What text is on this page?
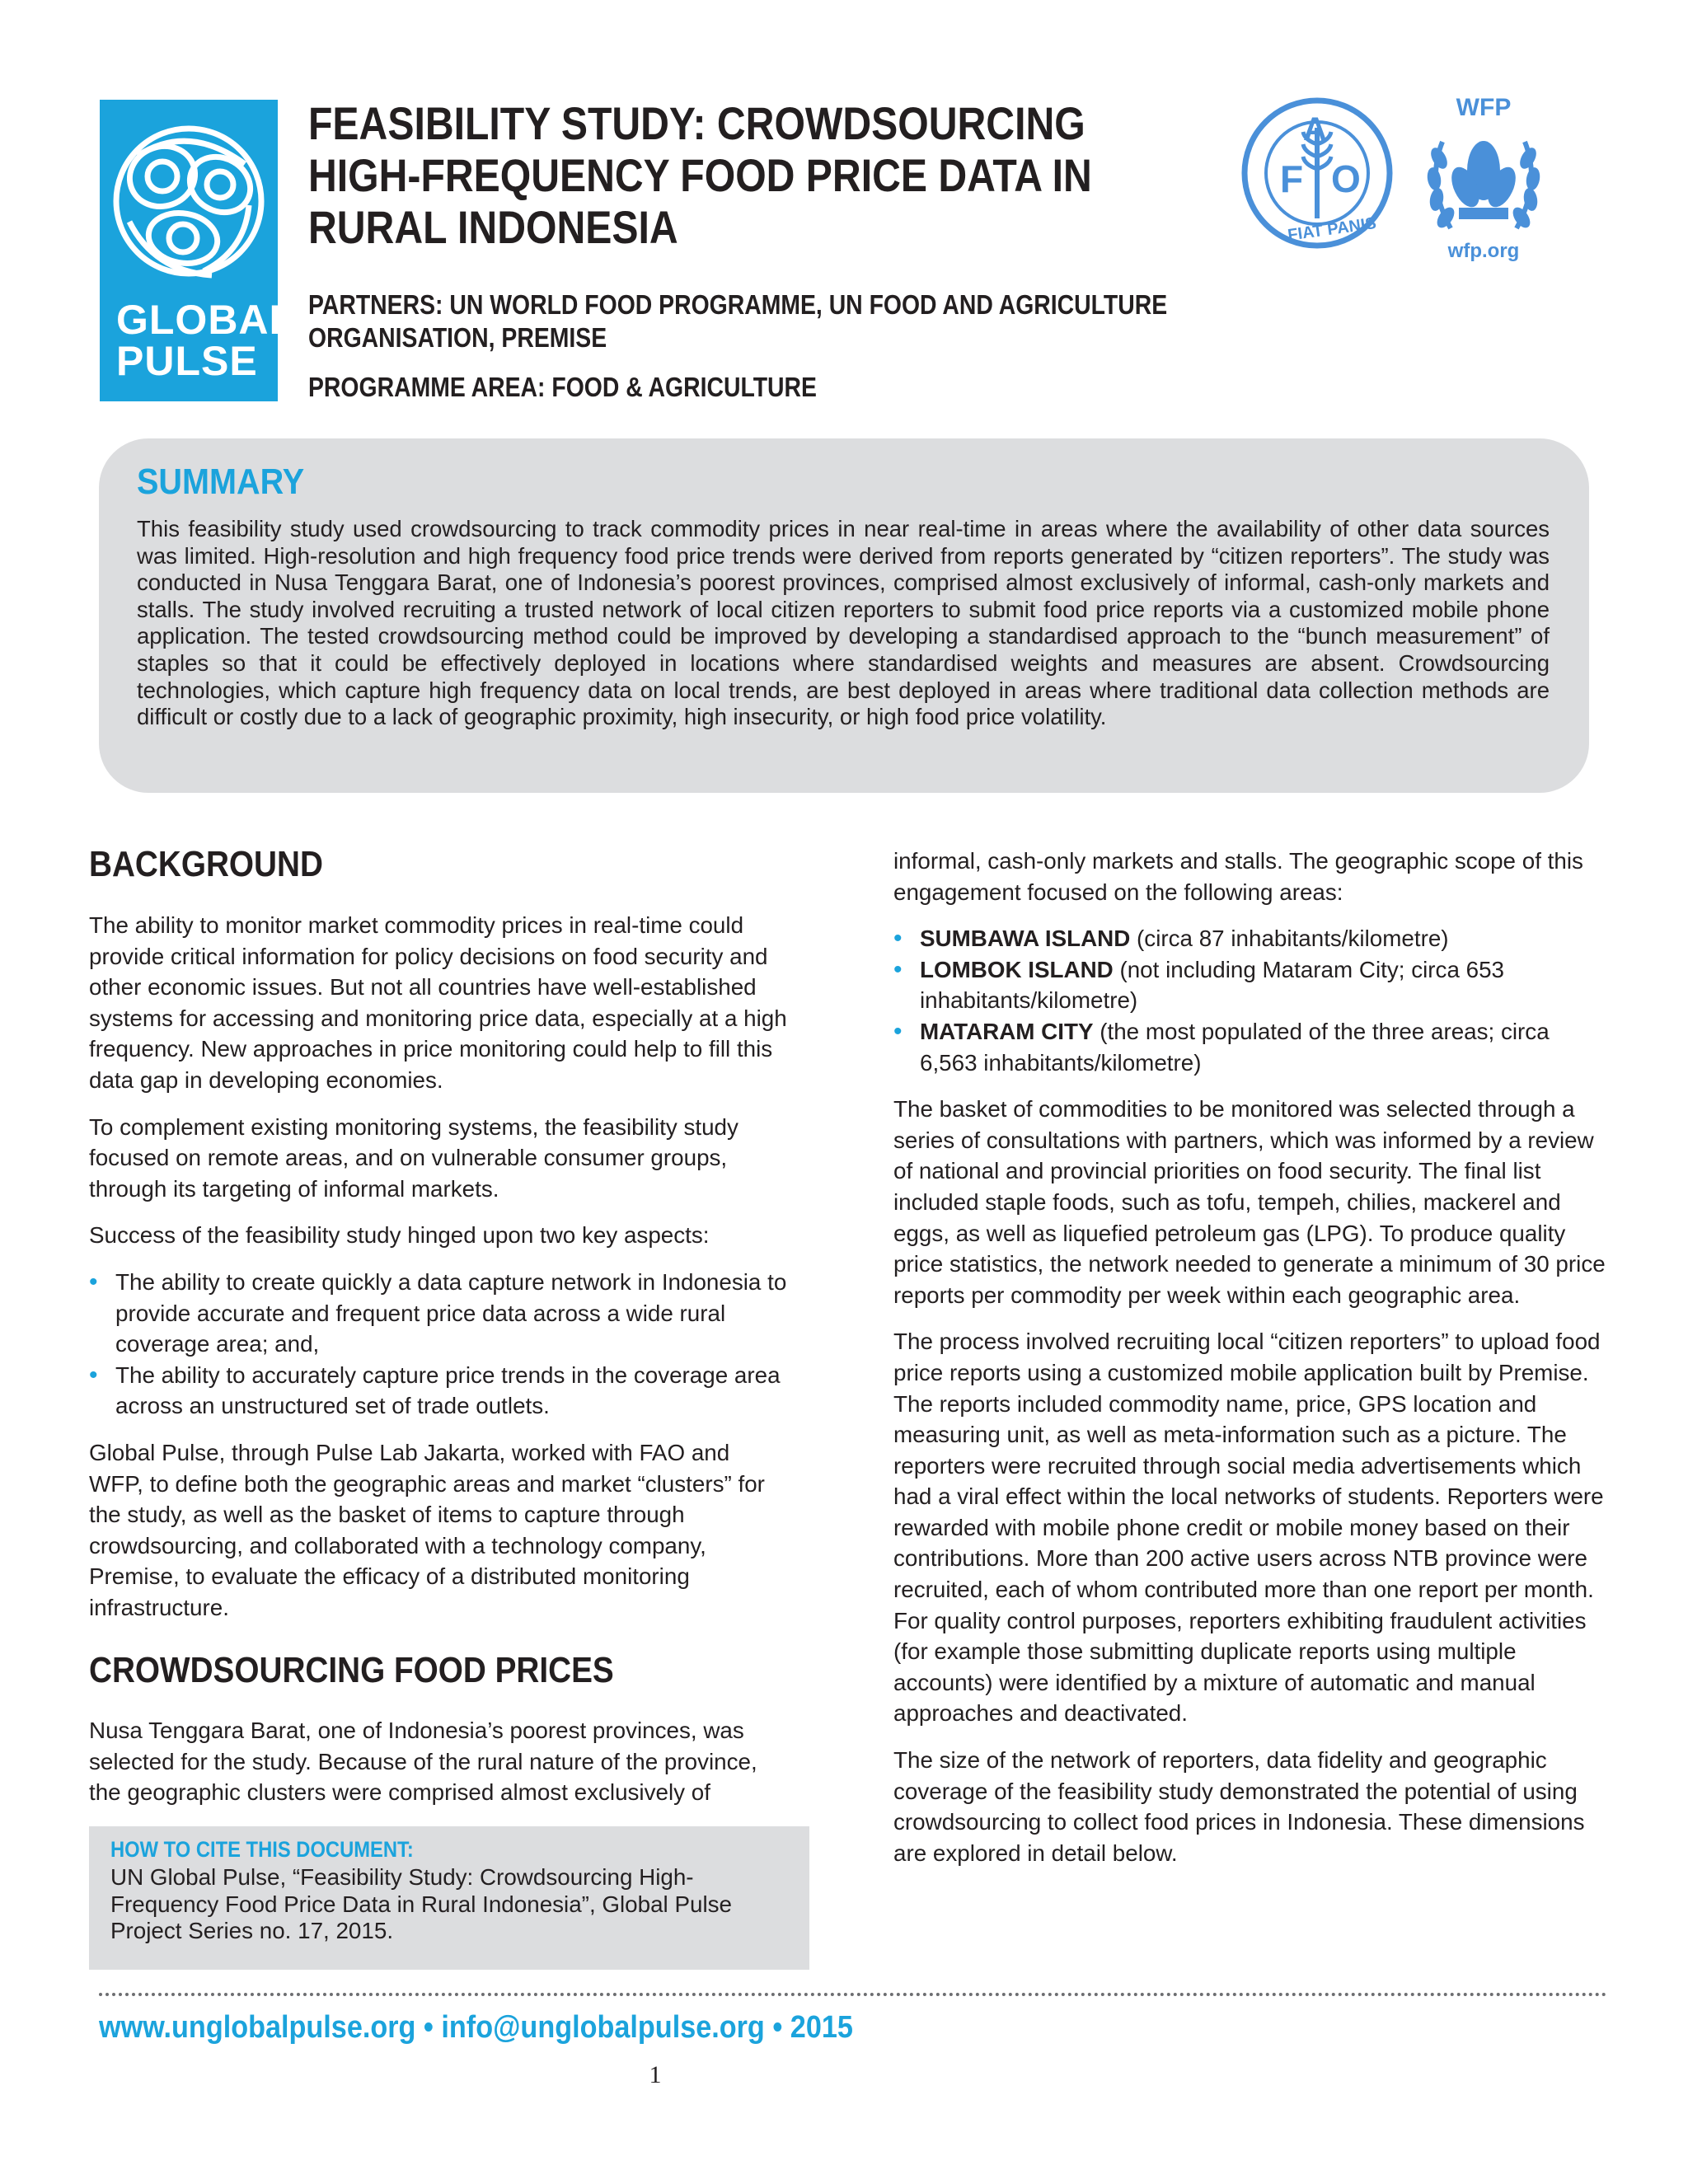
GLOBAL
PULSE
FEASIBILITY STUDY: CROWDSOURCING
HIGH-FREQUENCY FOOD PRICE DATA IN
RURAL INDONESIA
PARTNERS: UN WORLD FOOD PROGRAMME, UN FOOD AND AGRICULTURE
ORGANISATION, PREMISE
PROGRAMME AREA: FOOD & AGRICULTURE
F
A
O
FIAT PANIS
WFP
wfp.org
SUMMARY
This feasibility study used crowdsourcing to track commodity prices in near real-time in areas where the availability of other data sources was limited. High-resolution and high frequency food price trends were derived from reports generated by “citizen reporters”. The study was conducted in Nusa Tenggara Barat, one of Indonesia’s poorest provinces, comprised almost exclusively of informal, cash-only markets and stalls. The study involved recruiting a trusted network of local citizen reporters to submit food price reports via a customized mobile phone application. The tested crowdsourcing method could be improved by developing a standardised approach to the “bunch measurement” of staples so that it could be effectively deployed in locations where standardised weights and measures are absent. Crowdsourcing technologies, which capture high frequency data on local trends, are best deployed in areas where traditional data collection methods are difficult or costly due to a lack of geographic proximity, high insecurity, or high food price volatility.
BACKGROUND

The ability to monitor market commodity prices in real-time could provide critical information for policy decisions on food security and other economic issues. But not all countries have well-established systems for accessing and monitoring price data, especially at a high frequency. New approaches in price monitoring could help to fill this data gap in developing economies.

To complement existing monitoring systems, the feasibility study focused on remote areas, and on vulnerable consumer groups, through its targeting of informal markets.

Success of the feasibility study hinged upon two key aspects:

• The ability to create quickly a data capture network in Indonesia to provide accurate and frequent price data across a wide rural coverage area; and,
• The ability to accurately capture price trends in the coverage area across an unstructured set of trade outlets.

Global Pulse, through Pulse Lab Jakarta, worked with FAO and WFP, to define both the geographic areas and market “clusters” for the study, as well as the basket of items to capture through crowdsourcing, and collaborated with a technology company, Premise, to evaluate the efficacy of a distributed monitoring infrastructure.

CROWDSOURCING FOOD PRICES

Nusa Tenggara Barat, one of Indonesia’s poorest provinces, was selected for the study. Because of the rural nature of the province, the geographic clusters were comprised almost exclusively of

HOW TO CITE THIS DOCUMENT:
UN Global Pulse, “Feasibility Study: Crowdsourcing High-Frequency Food Price Data in Rural Indonesia”, Global Pulse Project Series no. 17, 2015.

informal, cash-only markets and stalls. The geographic scope of this engagement focused on the following areas:

• SUMBAWA ISLAND (circa 87 inhabitants/kilometre)
• LOMBOK ISLAND (not including Mataram City; circa 653 inhabitants/kilometre)
• MATARAM CITY (the most populated of the three areas; circa 6,563 inhabitants/kilometre)

The basket of commodities to be monitored was selected through a series of consultations with partners, which was informed by a review of national and provincial priorities on food security. The final list included staple foods, such as tofu, tempeh, chilies, mackerel and eggs, as well as liquefied petroleum gas (LPG). To produce quality price statistics, the network needed to generate a minimum of 30 price reports per commodity per week within each geographic area.

The process involved recruiting local “citizen reporters” to upload food price reports using a customized mobile application built by Premise. The reports included commodity name, price, GPS location and measuring unit, as well as meta-information such as a picture. The reporters were recruited through social media advertisements which had a viral effect within the local networks of students. Reporters were rewarded with mobile phone credit or mobile money based on their contributions. More than 200 active users across NTB province were recruited, each of whom contributed more than one report per month. For quality control purposes, reporters exhibiting fraudulent activities (for example those submitting duplicate reports using multiple accounts) were identified by a mixture of automatic and manual approaches and deactivated.

The size of the network of reporters, data fidelity and geographic coverage of the feasibility study demonstrated the potential of using crowdsourcing to collect food prices in Indonesia. These dimensions are explored in detail below.

www.unglobalpulse.org • info@unglobalpulse.org • 2015
1
